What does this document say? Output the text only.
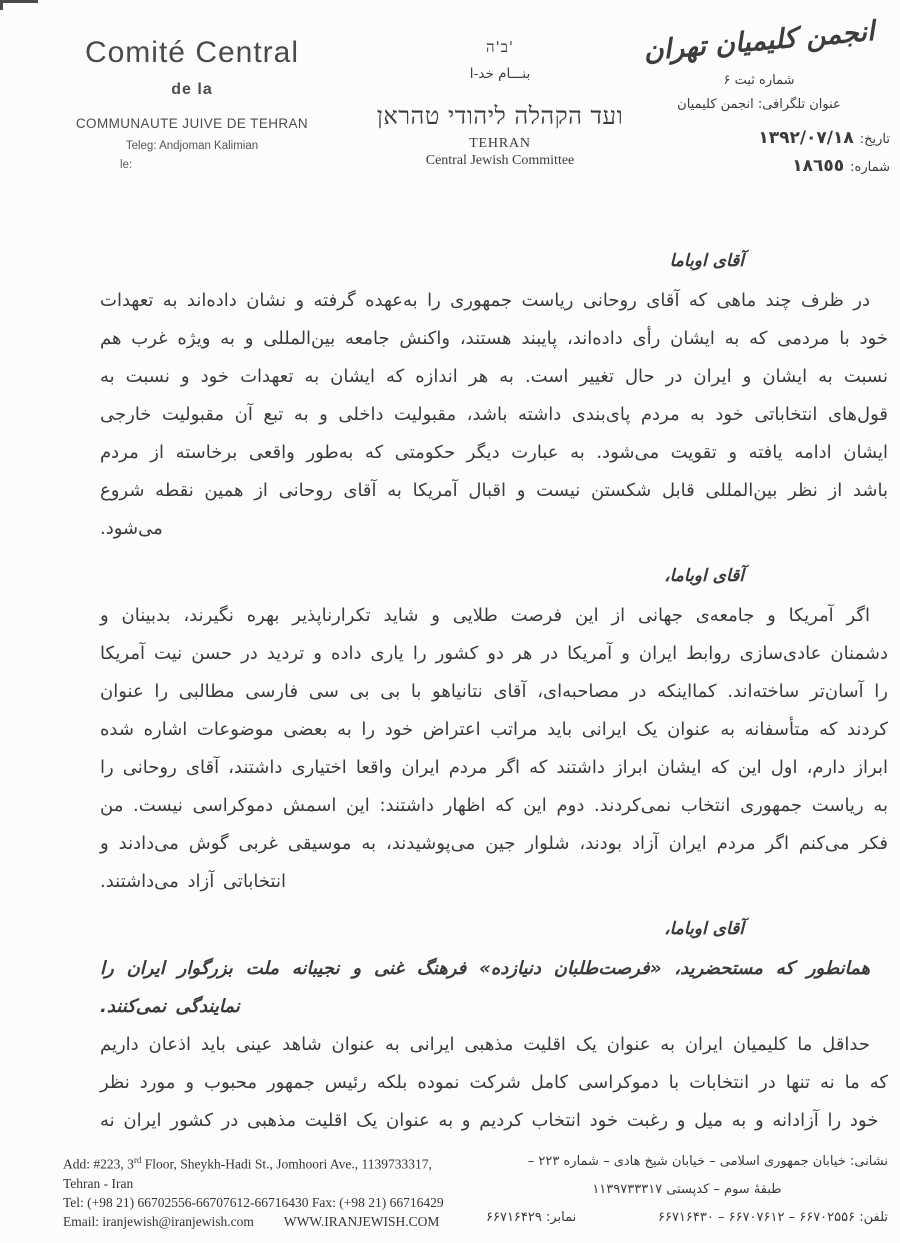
Comité Central
de la
COMMUNAUTE JUIVE DE TEHRAN
Teleg: Andjoman Kalimian
le:
ב'ה'
بنـــام خد-ا
ועד הקהלה ליהודי טהראן
TEHRAN
Central Jewish Committee
انجمن کلیمیان تهران
شماره ثبت ۶
عنوان تلگرافی: انجمن کلیمیان
تاریخ:۱۳۹۲/۰۷/۱۸
شماره:١٨٦٥٥
آقای اوباما

در ظرف چند ماهی که آقای روحانی ریاست جمهوری را به‌عهده گرفته و نشان داده‌اند به تعهدات خود با مردمی که به ایشان رأی داده‌اند، پایبند هستند، واکنش جامعه بین‌المللی و به ویژه غرب هم نسبت به ایشان و ایران در حال تغییر است. به هر اندازه که ایشان به تعهدات خود و نسبت به قول‌های انتخاباتی خود به مردم پای‌بندی داشته باشد، مقبولیت داخلی و به تبع آن مقبولیت خارجی ایشان ادامه یافته و تقویت می‌شود. به عبارت دیگر حکومتی که به‌طور واقعی برخاسته از مردم باشد از نظر بین‌المللی قابل شکستن نیست و اقبال آمریکا به آقای روحانی از همین نقطه شروع می‌شود.

آقای اوباما،

اگر آمریکا و جامعه‌ی جهانی از این فرصت طلایی و شاید تکرارناپذیر بهره نگیرند، بدبینان و دشمنان عادی‌سازی روابط ایران و آمریکا در هر دو کشور را یاری داده و تردید در حسن نیت آمریکا را آسان‌تر ساخته‌اند. کمااینکه در مصاحبه‌ای، آقای نتانیاهو با بی بی سی فارسی مطالبی را عنوان کردند که متأسفانه به عنوان یک ایرانی باید مراتب اعتراض خود را به بعضی موضوعات اشاره شده ابراز دارم، اول این که ایشان ابراز داشتند که اگر مردم ایران واقعا اختیاری داشتند، آقای روحانی را به ریاست جمهوری انتخاب نمی‌کردند. دوم این که اظهار داشتند: این اسمش دموکراسی نیست. من فکر می‌کنم اگر مردم ایران آزاد بودند، شلوار جین می‌پوشیدند، به موسیقی غربی گوش می‌دادند و انتخاباتی آزاد می‌داشتند.

آقای اوباما،

همانطور که مستحضرید، «فرصت‌طلبان دنیازده» فرهنگ غنی و نجیبانه ملت بزرگوار ایران را نمایندگی نمی‌کنند.

حداقل ما کلیمیان ایران به عنوان یک اقلیت مذهبی ایرانی به عنوان شاهد عینی باید اذعان داریم که ما نه تنها در انتخابات با دموکراسی کامل شرکت نموده بلکه رئیس جمهور محبوب و مورد نظر خود را آزادانه و به میل و رغبت خود انتخاب کردیم و به عنوان یک اقلیت مذهبی در کشور ایران نه

Add: #223, 3rd Floor, Sheykh-Hadi St., Jomhoori Ave., 1139733317,
Tehran - Iran
Tel: (+98 21) 66702556-66707612-66716430 Fax: (+98 21) 66716429
Email: iranjewish@iranjewish.com WWW.IRANJEWISH.COM
نشانی: خیابان جمهوری اسلامی – خیابان شیخ هادی – شماره ۲۲۳ –
طبقهٔ سوم – کدپستی ۱۱۳۹۷۳۳۳۱۷
تلفن: ۶۶۷۰۲۵۵۶ – ۶۶۷۰۷۶۱۲ – ۶۶۷۱۶۴۳۰
نمابر: ۶۶۷۱۶۴۲۹
